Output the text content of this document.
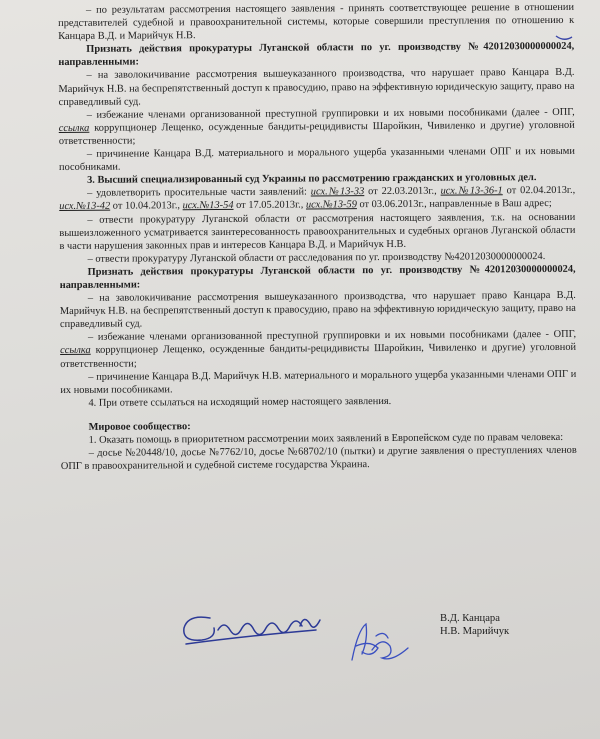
– по результатам рассмотрения настоящего заявления - принять соответствующее решение в отношении представителей судебной и правоохранительной системы, которые совершили преступления по отношению к Канцара В.Д. и Марийчук Н.В.

Признать действия прокуратуры Луганской области по уг. производству №42012030000000024, направленными:

– на заволокичивание рассмотрения вышеуказанного производства, что нарушает право Канцара В.Д. Марийчук Н.В. на беспрепятственный доступ к правосудию, право на эффективную юридическую защиту, право на справедливый суд.

– избежание членами организованной преступной группировки и их новыми пособниками (далее - ОПГ, ссылка коррупционер Лещенко, осужденные бандиты-рецидивисты Шаройкин, Чивиленко и другие) уголовной ответственности;

– причинение Канцара В.Д. материального и морального ущерба указанными членами ОПГ и их новыми пособниками.

3. Высший специализированный суд Украины по рассмотрению гражданских и уголовных дел.

– удовлетворить просительные части заявлений: исх.№13-33 от 22.03.2013г., исх.№13-36-1 от 02.04.2013г., исх.№13-42 от 10.04.2013г., исх.№13-54 от 17.05.2013г., исх.№13-59 от 03.06.2013г., направленные в Ваш адрес;

– отвести прокуратуру Луганской области от рассмотрения настоящего заявления, т.к. на основании вышеизложенного усматривается заинтересованность правоохранительных и судебных органов Луганской области в части нарушения законных прав и интересов Канцара В.Д. и Марийчук Н.В.

– отвести прокуратуру Луганской области от расследования по уг. производству №42012030000000024.

Признать действия прокуратуры Луганской области по уг. производству №42012030000000024, направленными:

– на заволокичивание рассмотрения вышеуказанного производства, что нарушает право Канцара В.Д. Марийчук Н.В. на беспрепятственный доступ к правосудию, право на эффективную юридическую защиту, право на справедливый суд.

– избежание членами организованной преступной группировки и их новыми пособниками (далее - ОПГ, ссылка коррупционер Лещенко, осужденные бандиты-рецидивисты Шаройкин, Чивиленко и другие) уголовной ответственности;

– причинение Канцара В.Д. Марийчук Н.В. материального и морального ущерба указанными членами ОПГ и их новыми пособниками.

4. При ответе ссылаться на исходящий номер настоящего заявления.

Мировое сообщество:

1. Оказать помощь в приоритетном рассмотрении моих заявлений в Европейском суде по правам человека:

– досье №20448/10, досье №7762/10, досье №68702/10 (пытки) и другие заявления о преступлениях членов ОПГ в правоохранительной и судебной системе государства Украина.

В.Д. Канцара
Н.В. Марийчук
